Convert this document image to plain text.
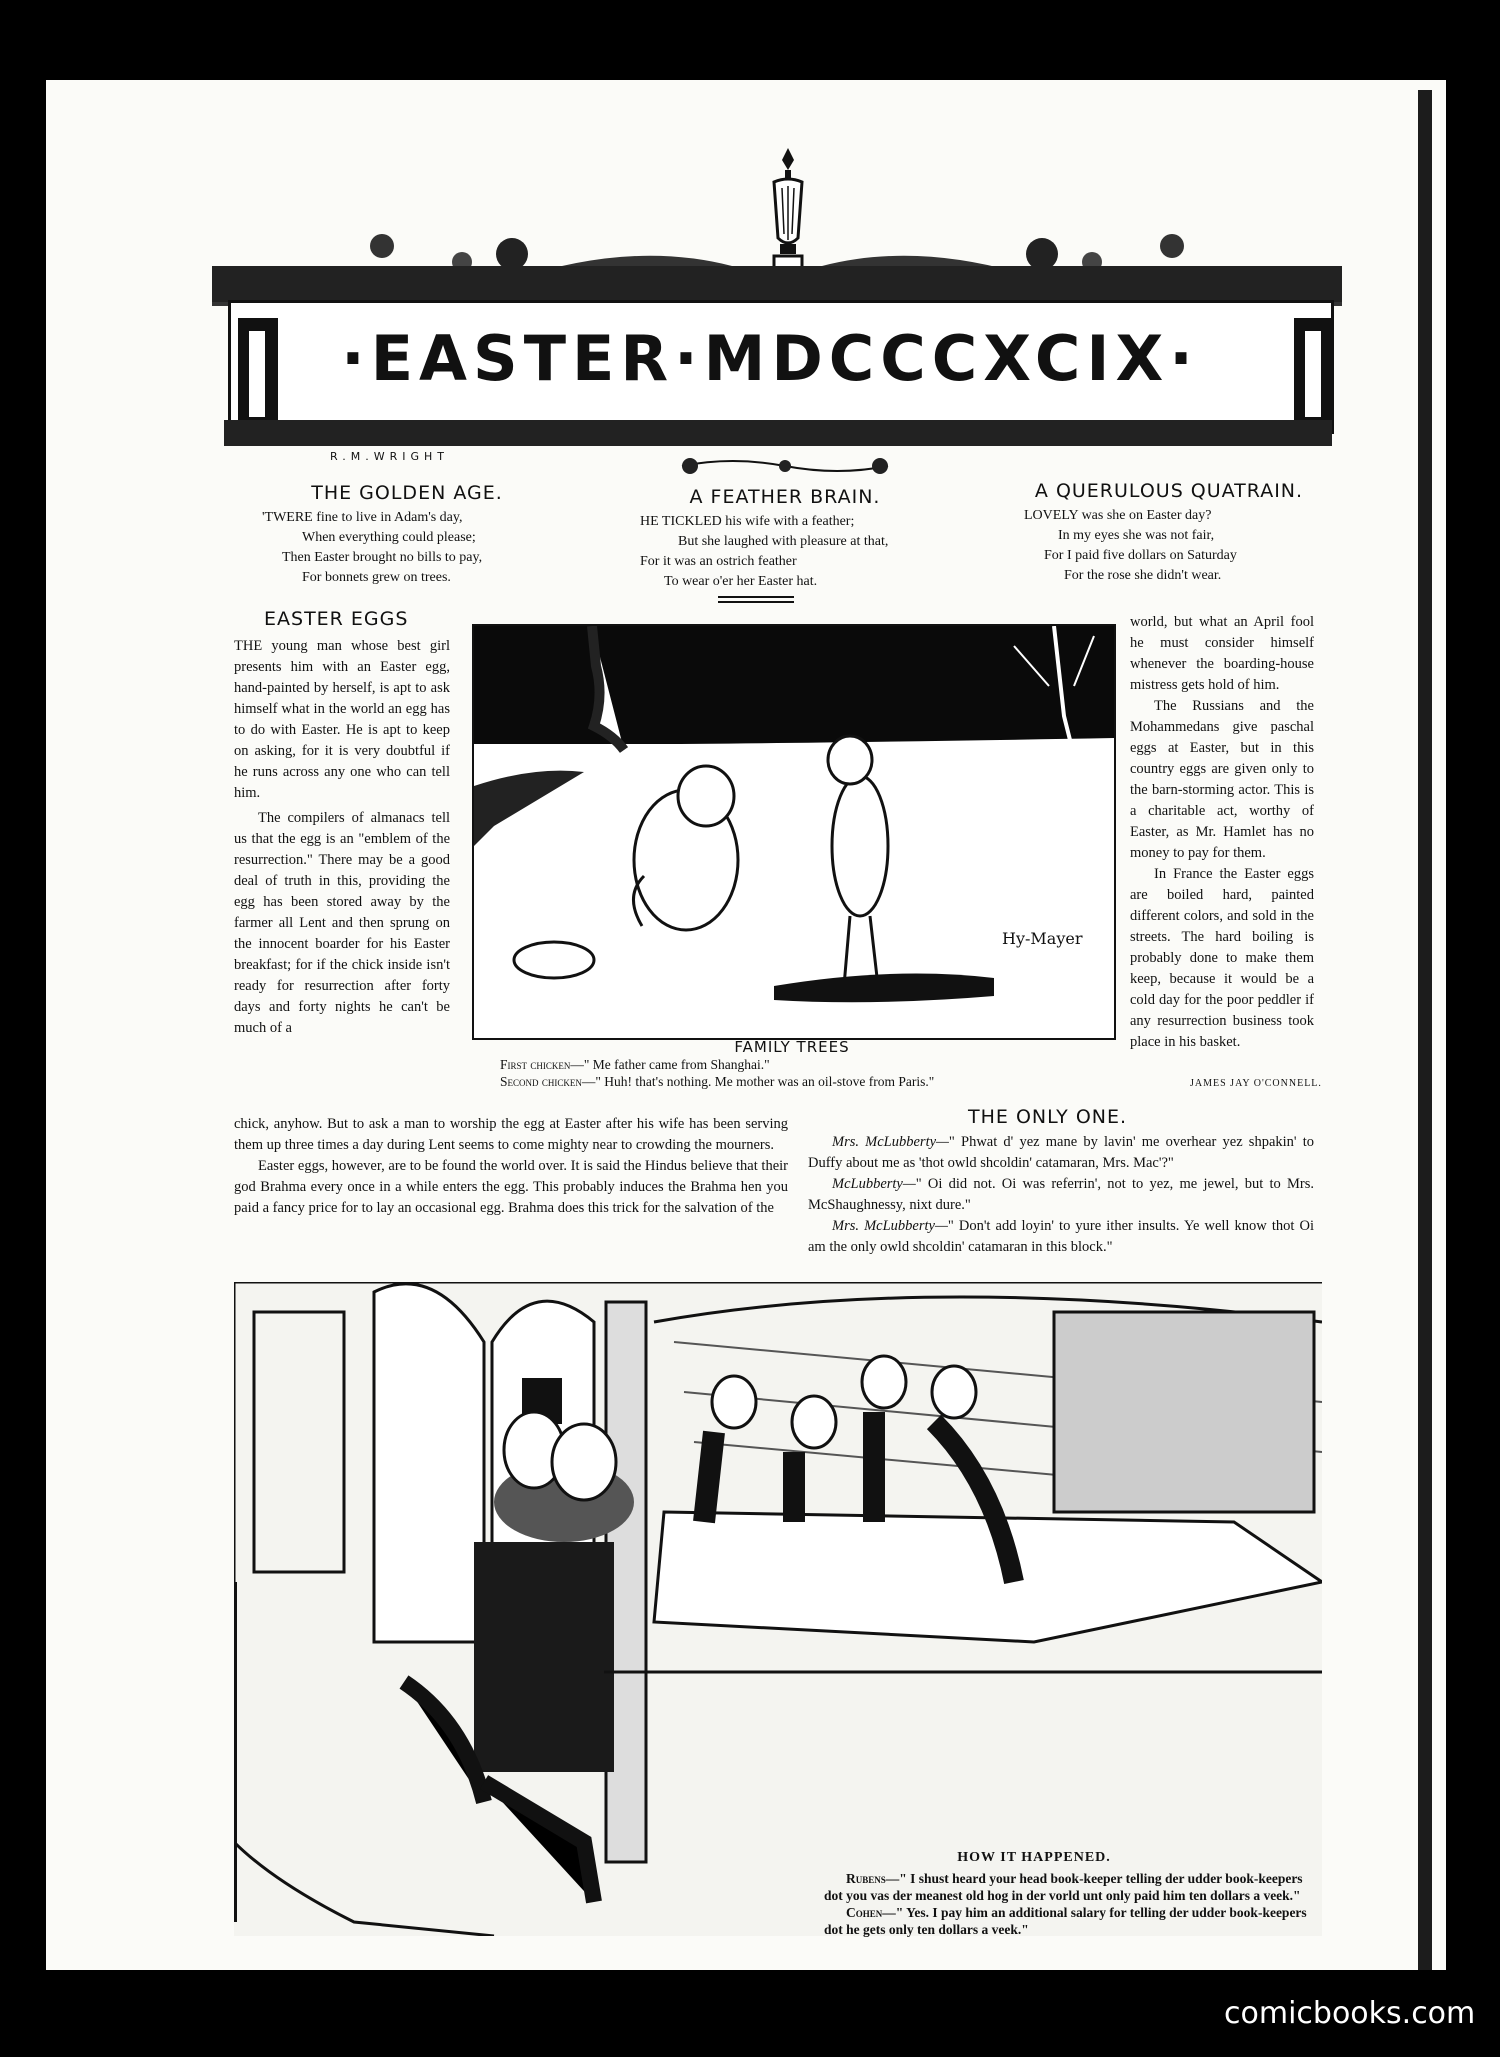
·EASTER·MDCCCXCIX·
R.M.WRIGHT
THE GOLDEN AGE.
'TWERE fine to live in Adam's day,
When everything could please;
Then Easter brought no bills to pay,
For bonnets grew on trees.
A FEATHER BRAIN.
HE TICKLED his wife with a feather;
But she laughed with pleasure at that,
For it was an ostrich feather
To wear o'er her Easter hat.
A QUERULOUS QUATRAIN.
LOVELY was she on Easter day?
In my eyes she was not fair,
For I paid five dollars on Saturday
For the rose she didn't wear.
EASTER EGGS

THE young man whose best girl presents him with an Easter egg, hand-painted by herself, is apt to ask himself what in the world an egg has to do with Easter. He is apt to keep on asking, for it is very doubtful if he runs across any one who can tell him.

The compilers of almanacs tell us that the egg is an "emblem of the resurrection." There may be a good deal of truth in this, providing the egg has been stored away by the farmer all Lent and then sprung on the innocent boarder for his Easter breakfast; for if the chick inside isn't ready for resurrection after forty days and forty nights he can't be much of a

chick, anyhow. But to ask a man to worship the egg at Easter after his wife has been serving them up three times a day during Lent seems to come mighty near to crowding the mourners.

Easter eggs, however, are to be found the world over. It is said the Hindus believe that their god Brahma every once in a while enters the egg. This probably induces the Brahma hen you paid a fancy price for to lay an occasional egg. Brahma does this trick for the salvation of the

world, but what an April fool he must consider himself whenever the boarding-house mistress gets hold of him.

The Russians and the Mohammedans give paschal eggs at Easter, but in this country eggs are given only to the barn-storming actor. This is a charitable act, worthy of Easter, as Mr. Hamlet has no money to pay for them.

In France the Easter eggs are boiled hard, painted different colors, and sold in the streets. The hard boiling is probably done to make them keep, because it would be a cold day for the poor peddler if any resurrection business took place in his basket.

JAMES JAY O'CONNELL.
Hy-Mayer
FAMILY TREES
First chicken—" Me father came from Shanghai."
Second chicken—" Huh! that's nothing. Me mother was an oil-stove from Paris."
THE ONLY ONE.

Mrs. McLubberty—" Phwat d' yez mane by lavin' me overhear yez shpakin' to Duffy about me as 'thot owld shcoldin' catamaran, Mrs. Mac'?"

McLubberty—" Oi did not. Oi was referrin', not to yez, me jewel, but to Mrs. McShaughnessy, nixt dure."

Mrs. McLubberty—" Don't add loyin' to yure ither insults. Ye well know thot Oi am the only owld shcoldin' catamaran in this block."

HOW IT HAPPENED.
Rubens—" I shust heard your head book-keeper telling der udder book-keepers dot you vas der meanest old hog in der vorld unt only paid him ten dollars a veek."
Cohen—" Yes. I pay him an additional salary for telling der udder book-keepers dot he gets only ten dollars a veek."
comicbooks.com
